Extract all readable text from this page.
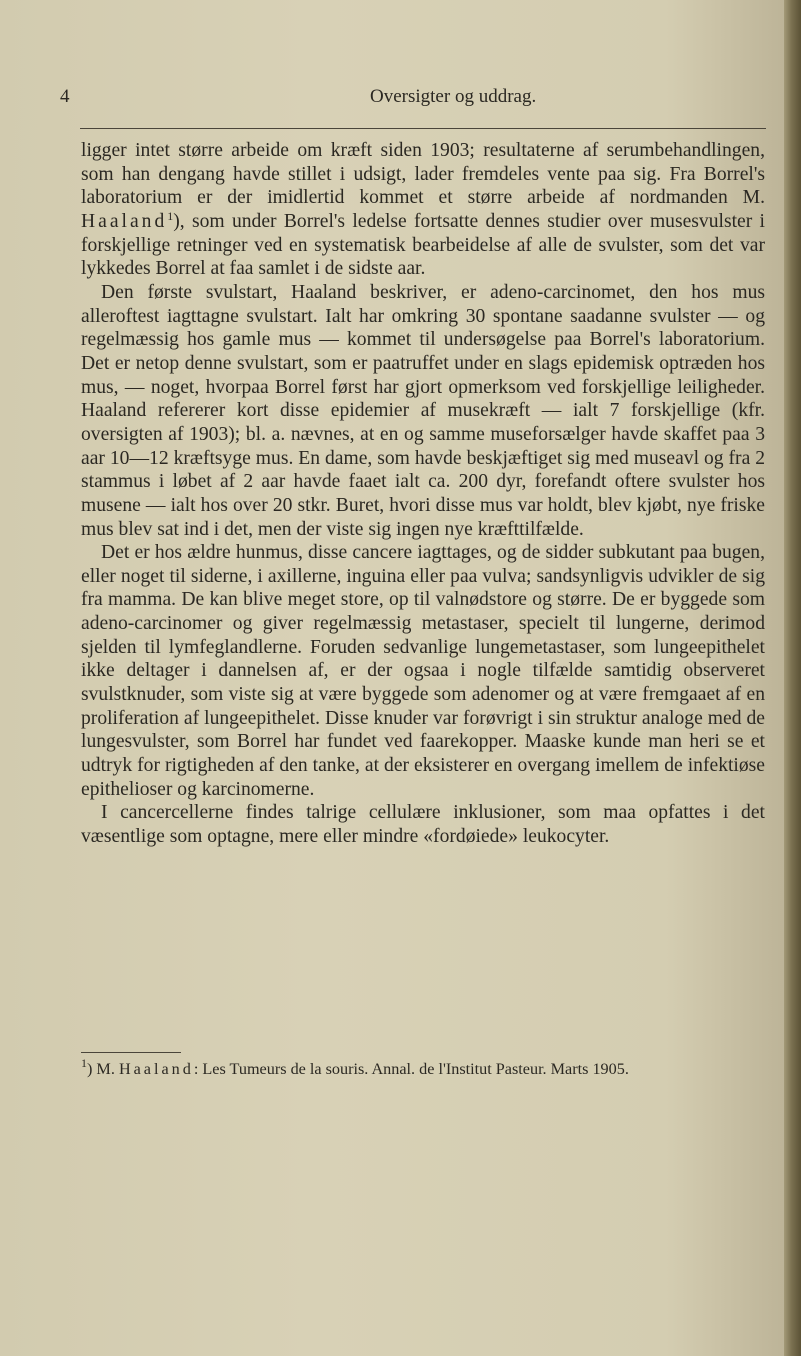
4	Oversigter og uddrag.

ligger intet større arbeide om kræft siden 1903; resultaterne af serumbehandlingen, som han dengang havde stillet i udsigt, lader fremdeles vente paa sig. Fra Borrel's laboratorium er der imidlertid kommet et større arbeide af nordmanden M. Haaland$^1$), som under Borrel's ledelse fortsatte dennes studier over musesvulster i forskjellige retninger ved en systematisk bearbeidelse af alle de svulster, som det var lykkedes Borrel at faa samlet i de sidste aar.

Den første svulstart, Haaland beskriver, er adeno-carcinomet, den hos mus alleroftest iagttagne svulstart. Ialt har omkring 30 spontane saadanne svulster — og regelmæssig hos gamle mus — kommet til undersøgelse paa Borrel's laboratorium. Det er netop denne svulstart, som er paatruffet under en slags epidemisk optræden hos mus, — noget, hvorpaa Borrel først har gjort opmerksom ved forskjellige leiligheder. Haaland refererer kort disse epidemier af musekræft — ialt 7 forskjellige (kfr. oversigten af 1903); bl. a. nævnes, at en og samme museforsælger havde skaffet paa 3 aar 10—12 kræftsyge mus. En dame, som havde beskjæftiget sig med museavl og fra 2 stammus i løbet af 2 aar havde faaet ialt ca. 200 dyr, forefandt oftere svulster hos musene — ialt hos over 20 stkr. Buret, hvori disse mus var holdt, blev kjøbt, nye friske mus blev sat ind i det, men der viste sig ingen nye kræfttilfælde.

Det er hos ældre hunmus, disse cancere iagttages, og de sidder subkutant paa bugen, eller noget til siderne, i axillerne, inguina eller paa vulva; sandsynligvis udvikler de sig fra mamma. De kan blive meget store, op til valnødstore og større. De er byggede som adeno-carcinomer og giver regelmæssig metastaser, specielt til lungerne, derimod sjelden til lymfeglandlerne. Foruden sedvanlige lungemetastaser, som lungeepithelet ikke deltager i dannelsen af, er der ogsaa i nogle tilfælde samtidig observeret svulstknuder, som viste sig at være byggede som adenomer og at være fremgaaet af en proliferation af lungeepithelet. Disse knuder var forøvrigt i sin struktur analoge med de lungesvulster, som Borrel har fundet ved faarekopper. Maaske kunde man heri se et udtryk for rigtigheden af den tanke, at der eksisterer en overgang imellem de infektiøse epithelioser og karcinomerne.

I cancercellerne findes talrige cellulære inklusioner, som maa opfattes i det væsentlige som optagne, mere eller mindre «fordøiede» leukocyter.

$^1$) M. Haaland: Les Tumeurs de la souris. Annal. de l'Institut Pasteur. Marts 1905.
